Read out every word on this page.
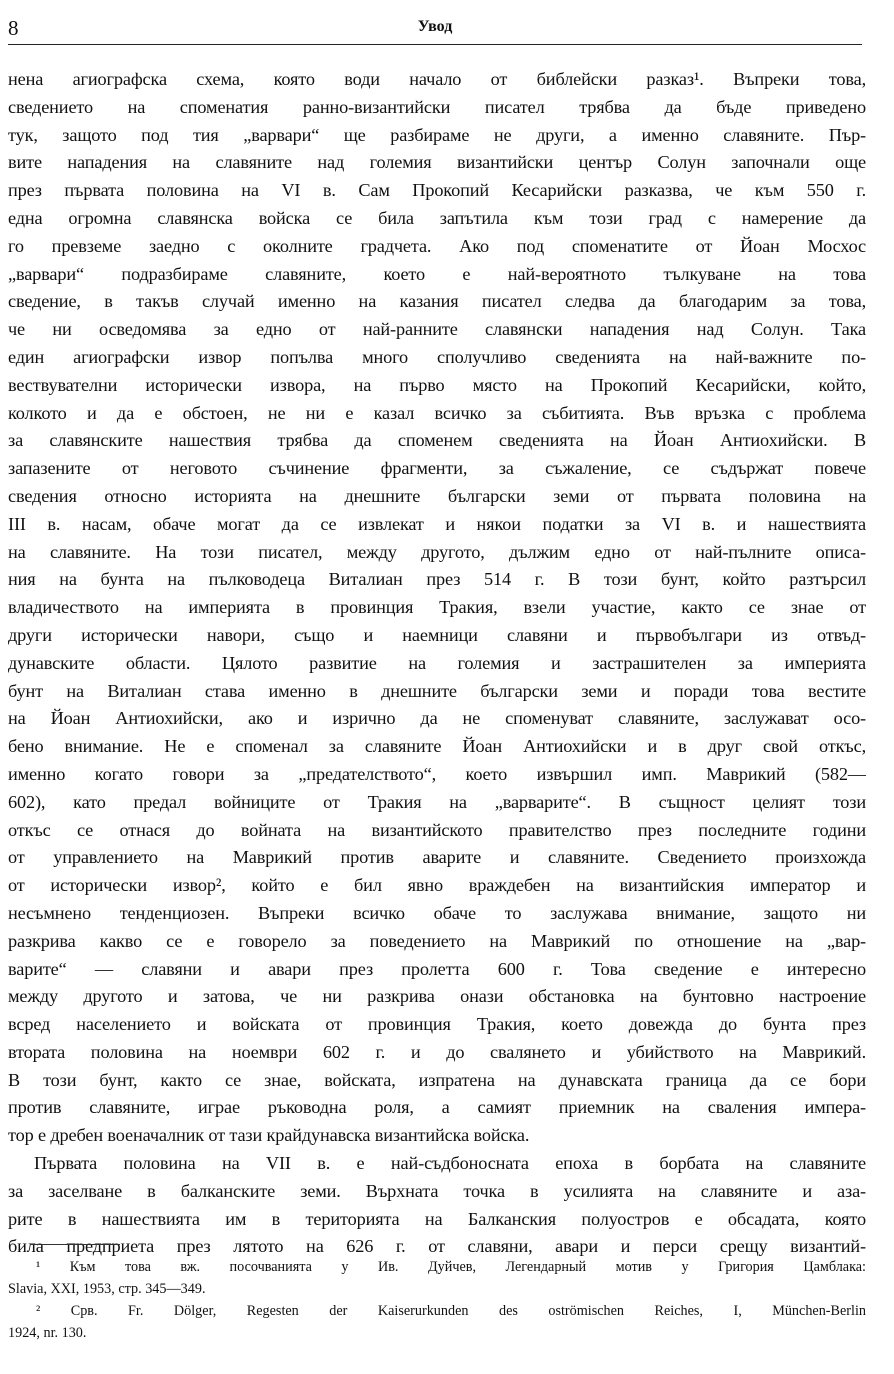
8	Увод
нена агиографска схема, която води начало от библейски разказ¹. Въпреки това,
сведението на споменатия ранно-византийски писател трябва да бъде приведено
тук, защото под тия „варвари“ ще разбираме не други, а именно славяните. Пър-
вите нападения на славяните над големия византийски център Солун започнали още
през първата половина на VI в. Сам Прокопий Кесарийски разказва, че към 550 г.
една огромна славянска войска се била запътила към този град с намерение да
го превземе заедно с околните градчета. Ако под споменатите от Йоан Мосхос
„варвари“ подразбираме славяните, което е най-вероятното тълкуване на това
сведение, в такъв случай именно на казания писател следва да благодарим за това,
че ни осведомява за едно от най-ранните славянски нападения над Солун. Така
един агиографски извор попълва много сполучливо сведенията на най-важните по-
вествувателни исторически извора, на първо място на Прокопий Кесарийски, който,
колкото и да е обстоен, не ни е казал всичко за събитията. Във връзка с проблема
за славянските нашествия трябва да споменем сведенията на Йоан Антиохийски. В
запазените от неговото съчинение фрагменти, за съжаление, се съдържат повече
сведения относно историята на днешните български земи от първата половина на
III в. насам, обаче могат да се извлекат и някои податки за VI в. и нашествията
на славяните. На този писател, между другото, дължим едно от най-пълните описа-
ния на бунта на пълководеца Виталиан през 514 г. В този бунт, който разтърсил
владичеството на империята в провинция Тракия, взели участие, както се знае от
други исторически навори, също и наемници славяни и първобългари из отвъд-
дунавските области. Цялото развитие на големия и застрашителен за империята
бунт на Виталиан става именно в днешните български земи и поради това вестите
на Йоан Антиохийски, ако и изрично да не споменуват славяните, заслужават осо-
бено внимание. Не е споменал за славяните Йоан Антиохийски и в друг свой откъс,
именно когато говори за „предателството“, което извършил имп. Маврикий (582—
602), като предал войниците от Тракия на „варварите“. В същност целият този
откъс се отнася до войната на византийското правителство през последните години
от управлението на Маврикий против аварите и славяните. Сведението произхожда
от исторически извор², който е бил явно враждебен на византийския император и
несъмнено тенденциозен. Въпреки всичко обаче то заслужава внимание, защото ни
разкрива какво се е говорело за поведението на Маврикий по отношение на „вар-
варите“ — славяни и авари през пролетта 600 г. Това сведение е интересно
между другото и затова, че ни разкрива онази обстановка на бунтовно настроение
всред населението и войската от провинция Тракия, което довежда до бунта през
втората половина на ноември 602 г. и до свалянето и убийството на Маврикий.
В този бунт, както се знае, войската, изпратена на дунавската граница да се бори
против славяните, играе ръководна роля, а самият приемник на сваления импера-
тор е дребен военачалник от тази крайдунавска византийска войска.
Първата половина на VII в. е най-съдбоносната епоха в борбата на славяните
за заселване в балканските земи. Върхната точка в усилията на славяните и аза-
рите в нашествията им в територията на Балканския полуостров е обсадата, която
била предприета през лятото на 626 г. от славяни, авари и перси срещу византий-
¹ Към това вж. посочванията у Ив. Дуйчев, Легендарный мотив у Григория Цамблака:
Slavia, XXI, 1953, стр. 345—349.
² Срв. Fr. Dölger, Regesten der Kaiserurkunden des oströmischen Reiches, I, München-Berlin
1924, nr. 130.
